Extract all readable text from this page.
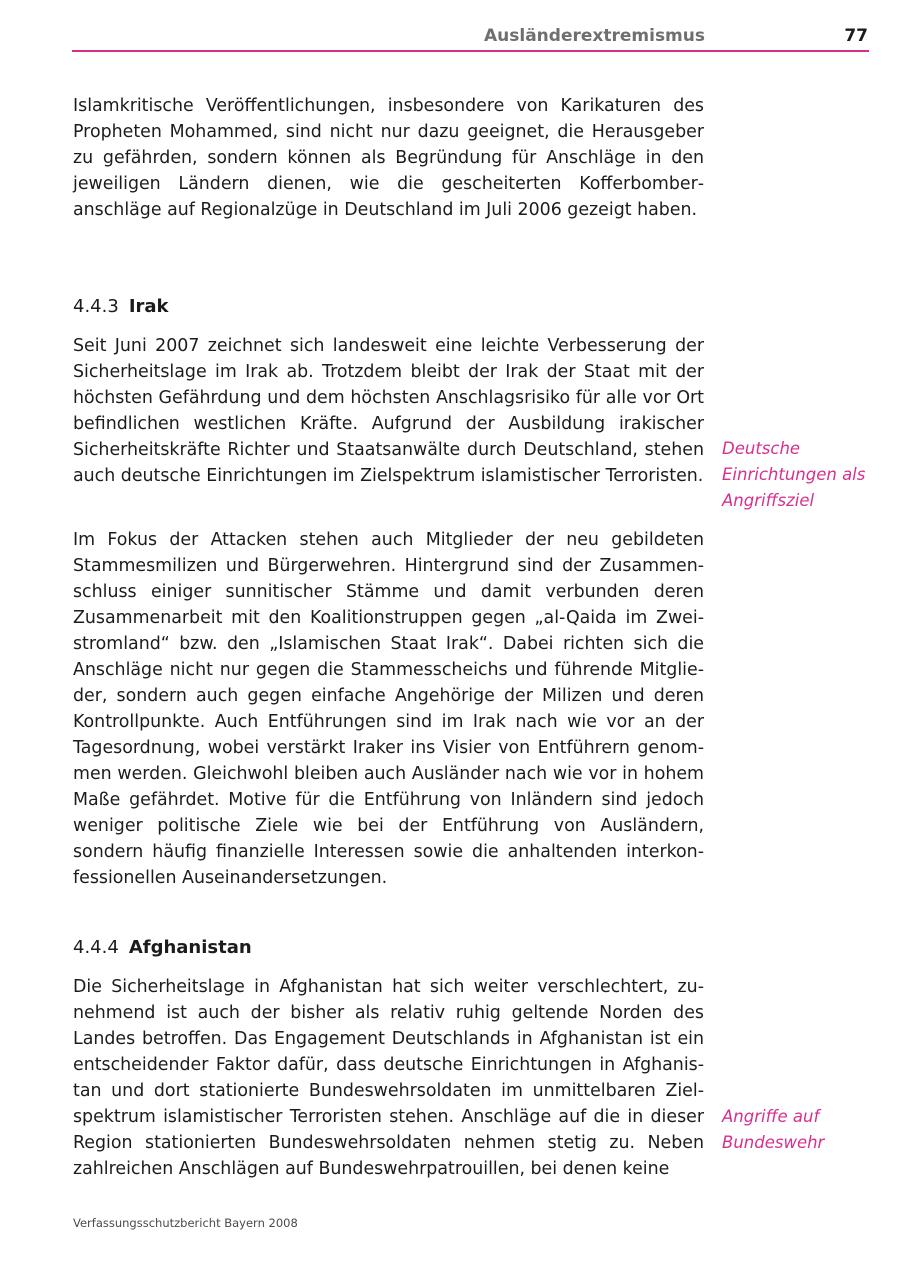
Ausländerextremismus	77

Islamkritische Veröffentlichungen, insbesondere von Karikaturen des Propheten Mohammed, sind nicht nur dazu geeignet, die Herausgeber zu gefährden, sondern können als Begründung für Anschläge in den jeweiligen Ländern dienen, wie die gescheiterten Kofferbomberanschläge auf Regionalzüge in Deutschland im Juli 2006 gezeigt haben.

4.4.3 Irak

Seit Juni 2007 zeichnet sich landesweit eine leichte Verbesserung der Sicherheitslage im Irak ab. Trotzdem bleibt der Irak der Staat mit der höchsten Gefährdung und dem höchsten Anschlagsrisiko für alle vor Ort befindlichen westlichen Kräfte. Aufgrund der Ausbildung irakischer Sicherheitskräfte Richter und Staatsanwälte durch Deutschland, stehen auch deutsche Einrichtungen im Zielspektrum islamistischer Terroristen.

Deutsche Einrichtungen als Angriffsziel

Im Fokus der Attacken stehen auch Mitglieder der neu gebildeten Stammesmilizen und Bürgerwehren. Hintergrund sind der Zusammenschluss einiger sunnitischer Stämme und damit verbunden deren Zusammenarbeit mit den Koalitionstruppen gegen „al-Qaida im Zweistromland“ bzw. den „Islamischen Staat Irak“. Dabei richten sich die Anschläge nicht nur gegen die Stammesscheichs und führende Mitglieder, sondern auch gegen einfache Angehörige der Milizen und deren Kontrollpunkte. Auch Entführungen sind im Irak nach wie vor an der Tagesordnung, wobei verstärkt Iraker ins Visier von Entführern genommen werden. Gleichwohl bleiben auch Ausländer nach wie vor in hohem Maße gefährdet. Motive für die Entführung von Inländern sind jedoch weniger politische Ziele wie bei der Entführung von Ausländern, sondern häufig finanzielle Interessen sowie die anhaltenden interkonfessionellen Auseinandersetzungen.

4.4.4 Afghanistan

Die Sicherheitslage in Afghanistan hat sich weiter verschlechtert, zunehmend ist auch der bisher als relativ ruhig geltende Norden des Landes betroffen. Das Engagement Deutschlands in Afghanistan ist ein entscheidender Faktor dafür, dass deutsche Einrichtungen in Afghanistan und dort stationierte Bundeswehrsoldaten im unmittelbaren Zielspektrum islamistischer Terroristen stehen. Anschläge auf die in dieser Region stationierten Bundeswehrsoldaten nehmen stetig zu. Neben zahlreichen Anschlägen auf Bundeswehrpatrouillen, bei denen keine

Angriffe auf Bundeswehr
Verfassungsschutzbericht Bayern 2008
